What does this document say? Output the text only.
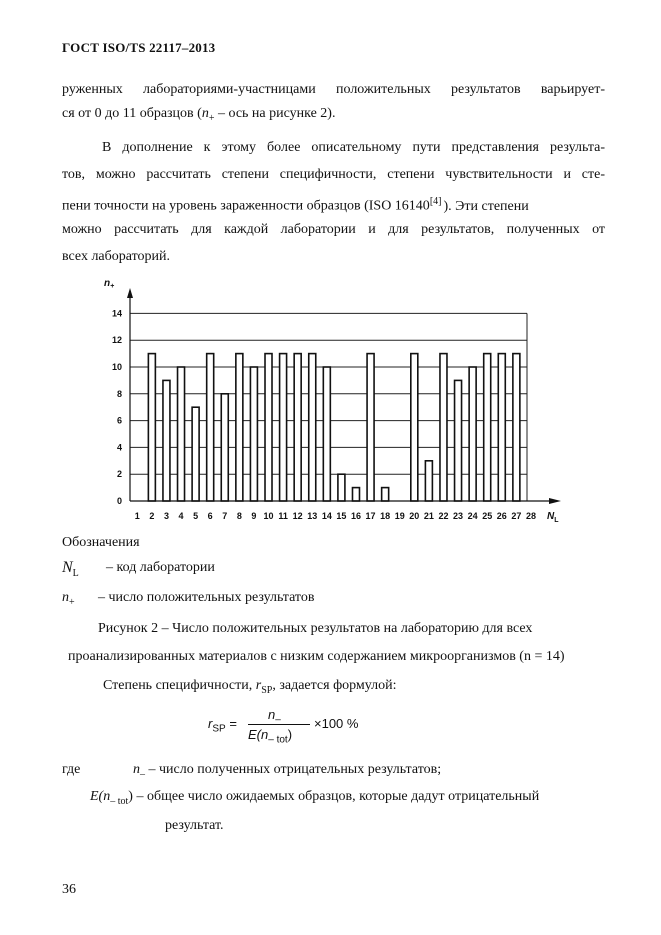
ГОСТ ISO/TS 22117–2013
руженных лабораториями-участницами положительных результатов варьирует-
ся от 0 до 11 образцов ($n_+$ – ось на рисунке 2).
В дополнение к этому более описательному пути представления результа-
тов, можно рассчитать степени специфичности, степени чувствительности и сте-
пени точности на уровень зараженности образцов (ISO 16140[4] ). Эти степени
можно рассчитать для каждой лаборатории и для результатов, полученных от
всех лабораторий.
0
2
4
6
8
10
12
14
1 2 3 4 5 6 7 8 9 10 11 12 13 14 15 16 17 18 19 20 21 22 23 24 25 26 27 28
$n_+$
$N_L$
Обозначения
$N_L$ – код лаборатории
$n_+$ – число положительных результатов
Рисунок 2 – Число положительных результатов на лабораторию для всех
проанализированных материалов с низким содержанием микроорганизмов (n = 14)
Степень специфичности, $r_{SP}$, задается формулой:
$r_{SP}$ =
$n_-$
$E(n_{- tot})$
×100 %
где	$n_-$ – число полученных отрицательных результатов;
$E(n_{- tot})$ – общее число ожидаемых образцов, которые дадут отрицательный
результат.
36
